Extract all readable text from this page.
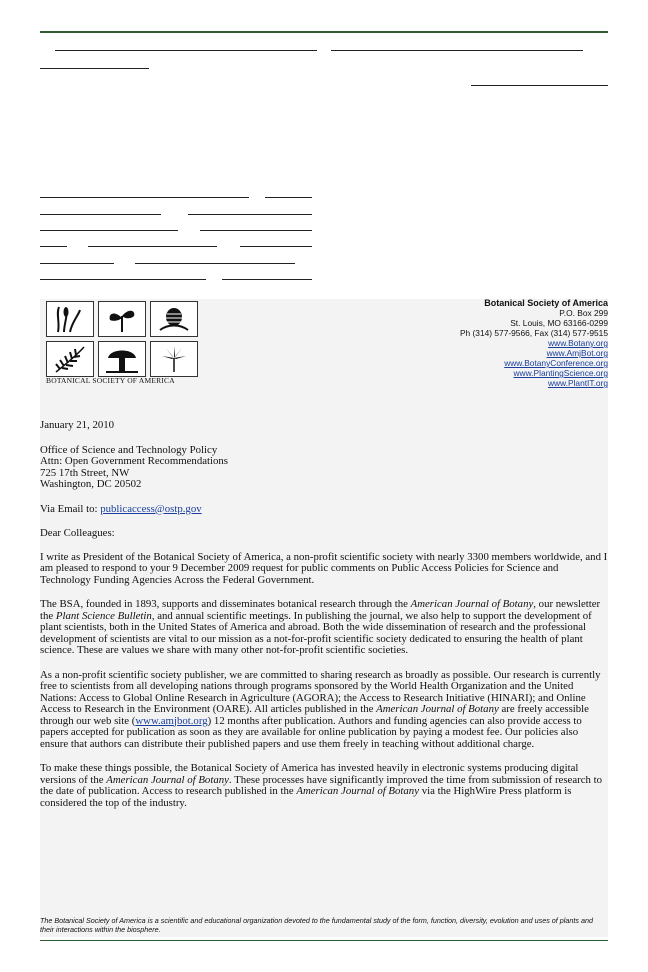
BOTANICAL SOCIETY OF AMERICA
Botanical Society of America
P.O. Box 299
St. Louis, MO 63166-0299
Ph (314) 577-9566, Fax (314) 577-9515
www.Botany.org
www.AmjBot.org
www.BotanyConference.org
www.PlantingScience.org
www.PlantIT.org

January 21, 2010

Office of Science and Technology Policy
Attn: Open Government Recommendations
725 17th Street, NW
Washington, DC 20502

Via Email to: publicaccess@ostp.gov

Dear Colleagues:

I write as President of the Botanical Society of America, a non-profit scientific society with nearly 3300 members worldwide, and I am pleased to respond to your 9 December 2009 request for public comments on Public Access Policies for Science and Technology Funding Agencies Across the Federal Government.

The BSA, founded in 1893, supports and disseminates botanical research through the American Journal of Botany, our newsletter the Plant Science Bulletin, and annual scientific meetings. In publishing the journal, we also help to support the development of plant scientists, both in the United States of America and abroad. Both the wide dissemination of research and the professional development of scientists are vital to our mission as a not-for-profit scientific society dedicated to ensuring the health of plant science. These are values we share with many other not-for-profit scientific societies.

As a non-profit scientific society publisher, we are committed to sharing research as broadly as possible. Our research is currently free to scientists from all developing nations through programs sponsored by the World Health Organization and the United Nations: Access to Global Online Research in Agriculture (AGORA); the Access to Research Initiative (HINARI); and Online Access to Research in the Environment (OARE). All articles published in the American Journal of Botany are freely accessible through our web site (www.amjbot.org) 12 months after publication. Authors and funding agencies can also provide access to papers accepted for publication as soon as they are available for online publication by paying a modest fee. Our policies also ensure that authors can distribute their published papers and use them freely in teaching without additional charge.

To make these things possible, the Botanical Society of America has invested heavily in electronic systems producing digital versions of the American Journal of Botany. These processes have significantly improved the time from submission of research to the date of publication. Access to research published in the American Journal of Botany via the HighWire Press platform is considered the top of the industry.

The Botanical Society of America is a scientific and educational organization devoted to the fundamental study of the form, function, diversity, evolution and uses of plants and their interactions within the biosphere.
